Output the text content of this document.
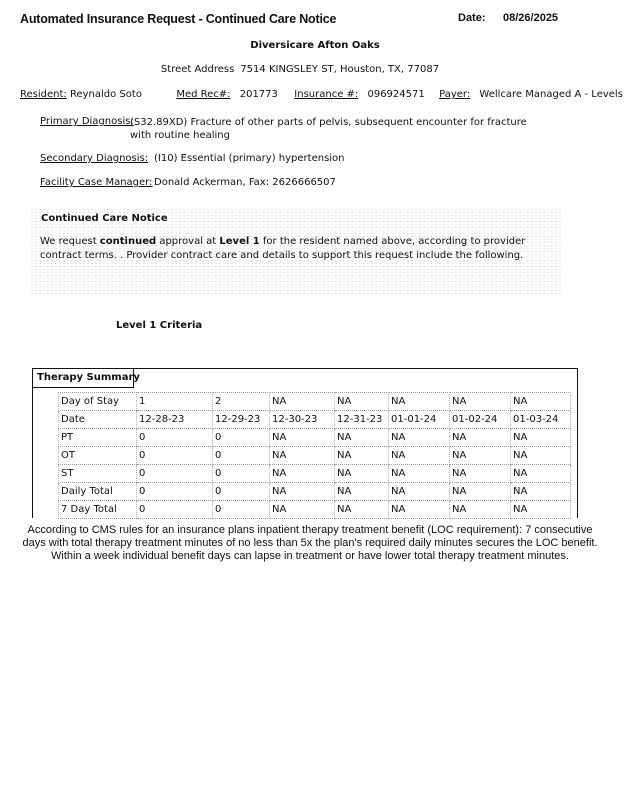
Automated Insurance Request - Continued Care Notice	Date: 08/26/2025
Diversicare Afton Oaks
Street Address 7514 KINGSLEY ST, Houston, TX, 77087
Resident: Reynaldo Soto	Med Rec#: 201773 Insurance #: 096924571 Payer: Wellcare Managed A - Levels
Primary Diagnosis:
(S32.89XD) Fracture of other parts of pelvis, subsequent encounter for fracture with routine healing
Secondary Diagnosis: (I10) Essential (primary) hypertension
Facility Case Manager: Donald Ackerman, Fax: 2626666507
Continued Care Notice
We request continued approval at Level 1 for the resident named above, according to provider contract terms. . Provider contract care and details to support this request include the following.
Level 1 Criteria
Therapy Summary
Day of Stay	1	2	NA	NA	NA	NA	NA
Date	12-28-23	12-29-23	12-30-23	12-31-23	01-01-24	01-02-24	01-03-24
PT	0	0	NA	NA	NA	NA	NA
OT	0	0	NA	NA	NA	NA	NA
ST	0	0	NA	NA	NA	NA	NA
Daily Total	0	0	NA	NA	NA	NA	NA
7 Day Total	0	0	NA	NA	NA	NA	NA
According to CMS rules for an insurance plans inpatient therapy treatment benefit (LOC requirement): 7 consecutive days with total therapy treatment minutes of no less than 5x the plan's required daily minutes secures the LOC benefit. Within a week individual benefit days can lapse in treatment or have lower total therapy treatment minutes.
